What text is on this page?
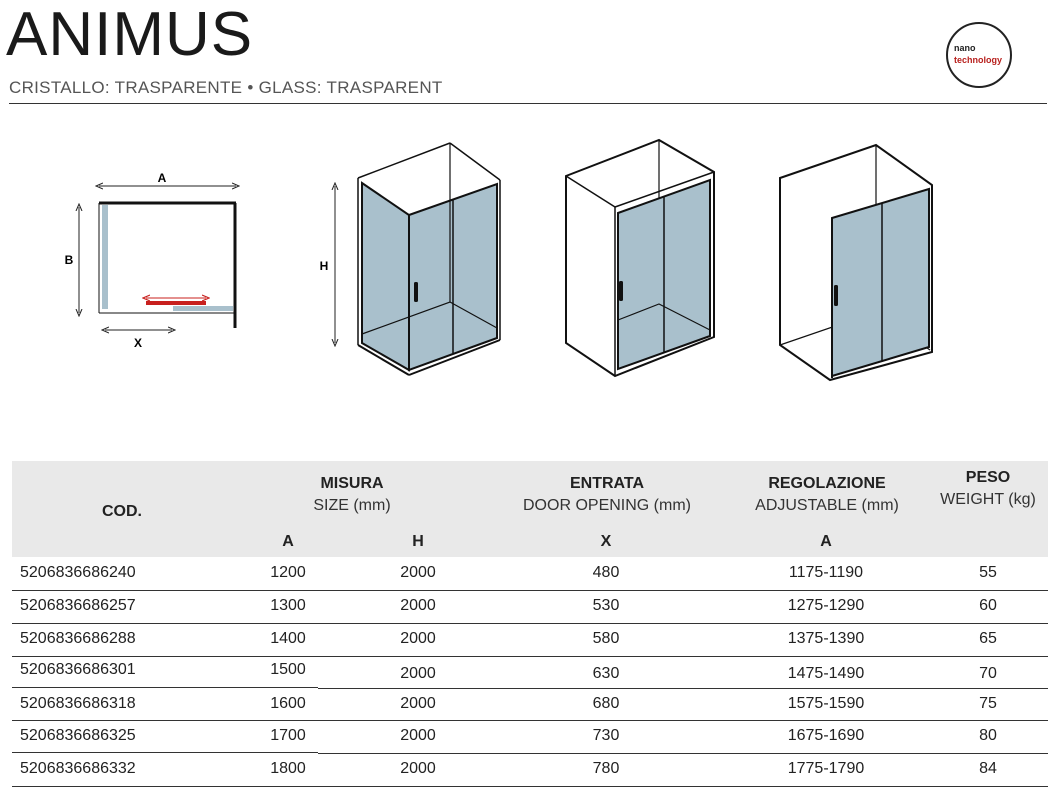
ANIMUS
CRISTALLO: TRASPARENTE • GLASS: TRASPARENT
nano
technology
A
B
X
H
COD.
MISURA
SIZE (mm)
ENTRATA
DOOR OPENING (mm)
REGOLAZIONE
ADJUSTABLE (mm)
PESO
WEIGHT (kg)
A	H	X	A
5206836686240	1200	2000	480	1175-1190	55
5206836686257	1300	2000	530	1275-1290	60
5206836686288	1400	2000	580	1375-1390	65
5206836686301	1500	2000	630	1475-1490	70
5206836686318	1600	2000	680	1575-1590	75
5206836686325	1700	2000	730	1675-1690	80
5206836686332	1800	2000	780	1775-1790	84
